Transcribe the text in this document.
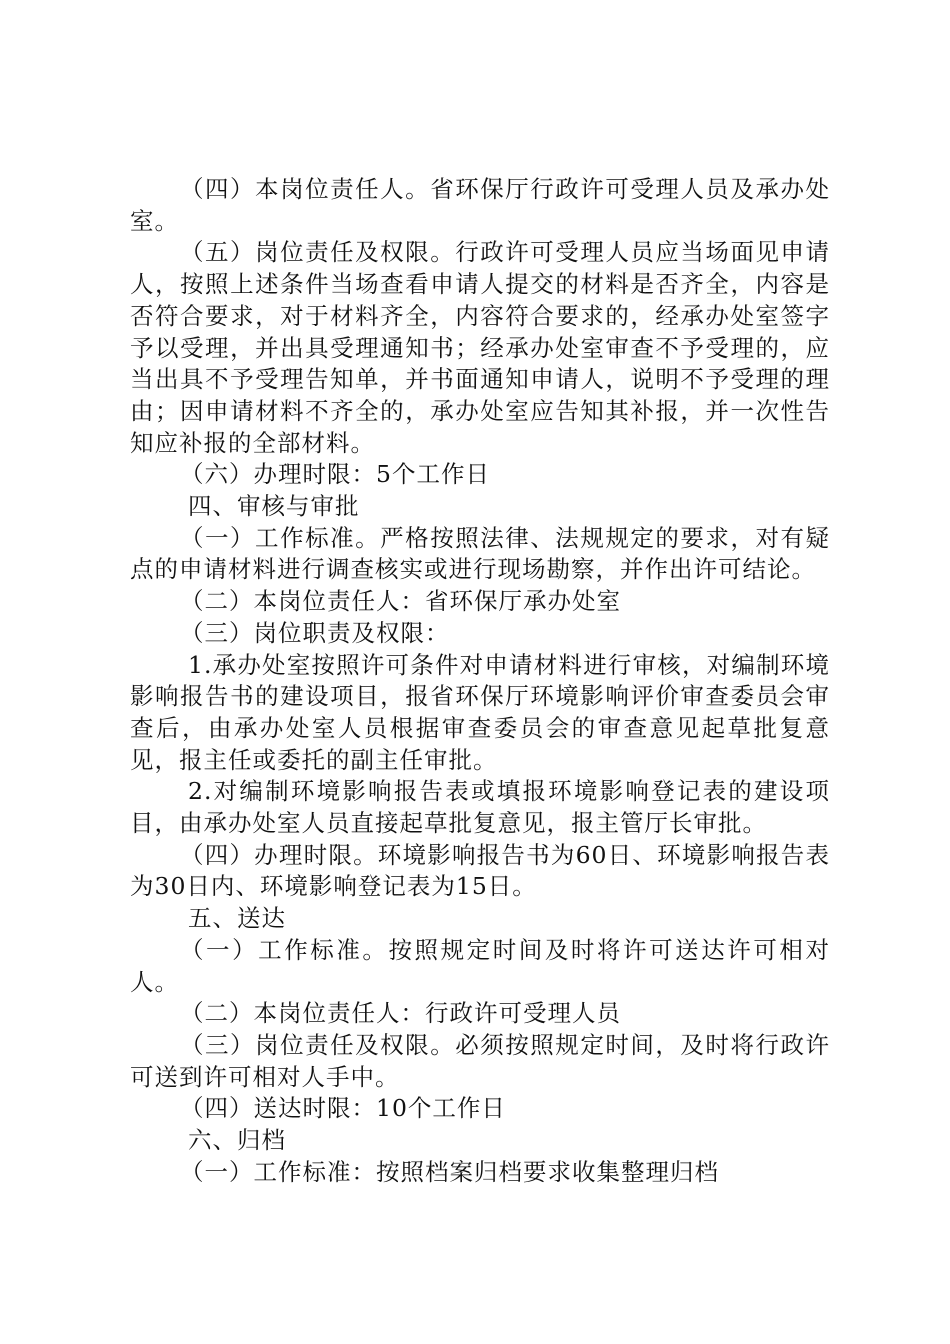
（四）本岗位责任人。省环保厅行政许可受理人员及承办处室。

（五）岗位责任及权限。行政许可受理人员应当场面见申请人，按照上述条件当场查看申请人提交的材料是否齐全，内容是否符合要求，对于材料齐全，内容符合要求的，经承办处室签字予以受理，并出具受理通知书；经承办处室审查不予受理的，应当出具不予受理告知单，并书面通知申请人，说明不予受理的理由；因申请材料不齐全的，承办处室应告知其补报，并一次性告知应补报的全部材料。

（六）办理时限：5个工作日

四、审核与审批

（一）工作标准。严格按照法律、法规规定的要求，对有疑点的申请材料进行调查核实或进行现场勘察，并作出许可结论。

（二）本岗位责任人：省环保厅承办处室

（三）岗位职责及权限：

1.承办处室按照许可条件对申请材料进行审核，对编制环境影响报告书的建设项目，报省环保厅环境影响评价审查委员会审查后，由承办处室人员根据审查委员会的审查意见起草批复意见，报主任或委托的副主任审批。

2.对编制环境影响报告表或填报环境影响登记表的建设项目，由承办处室人员直接起草批复意见，报主管厅长审批。

（四）办理时限。环境影响报告书为60日、环境影响报告表为30日内、环境影响登记表为15日。

五、送达

（一）工作标准。按照规定时间及时将许可送达许可相对人。

（二）本岗位责任人：行政许可受理人员

（三）岗位责任及权限。必须按照规定时间，及时将行政许可送到许可相对人手中。

（四）送达时限：10个工作日

六、归档

（一）工作标准：按照档案归档要求收集整理归档
